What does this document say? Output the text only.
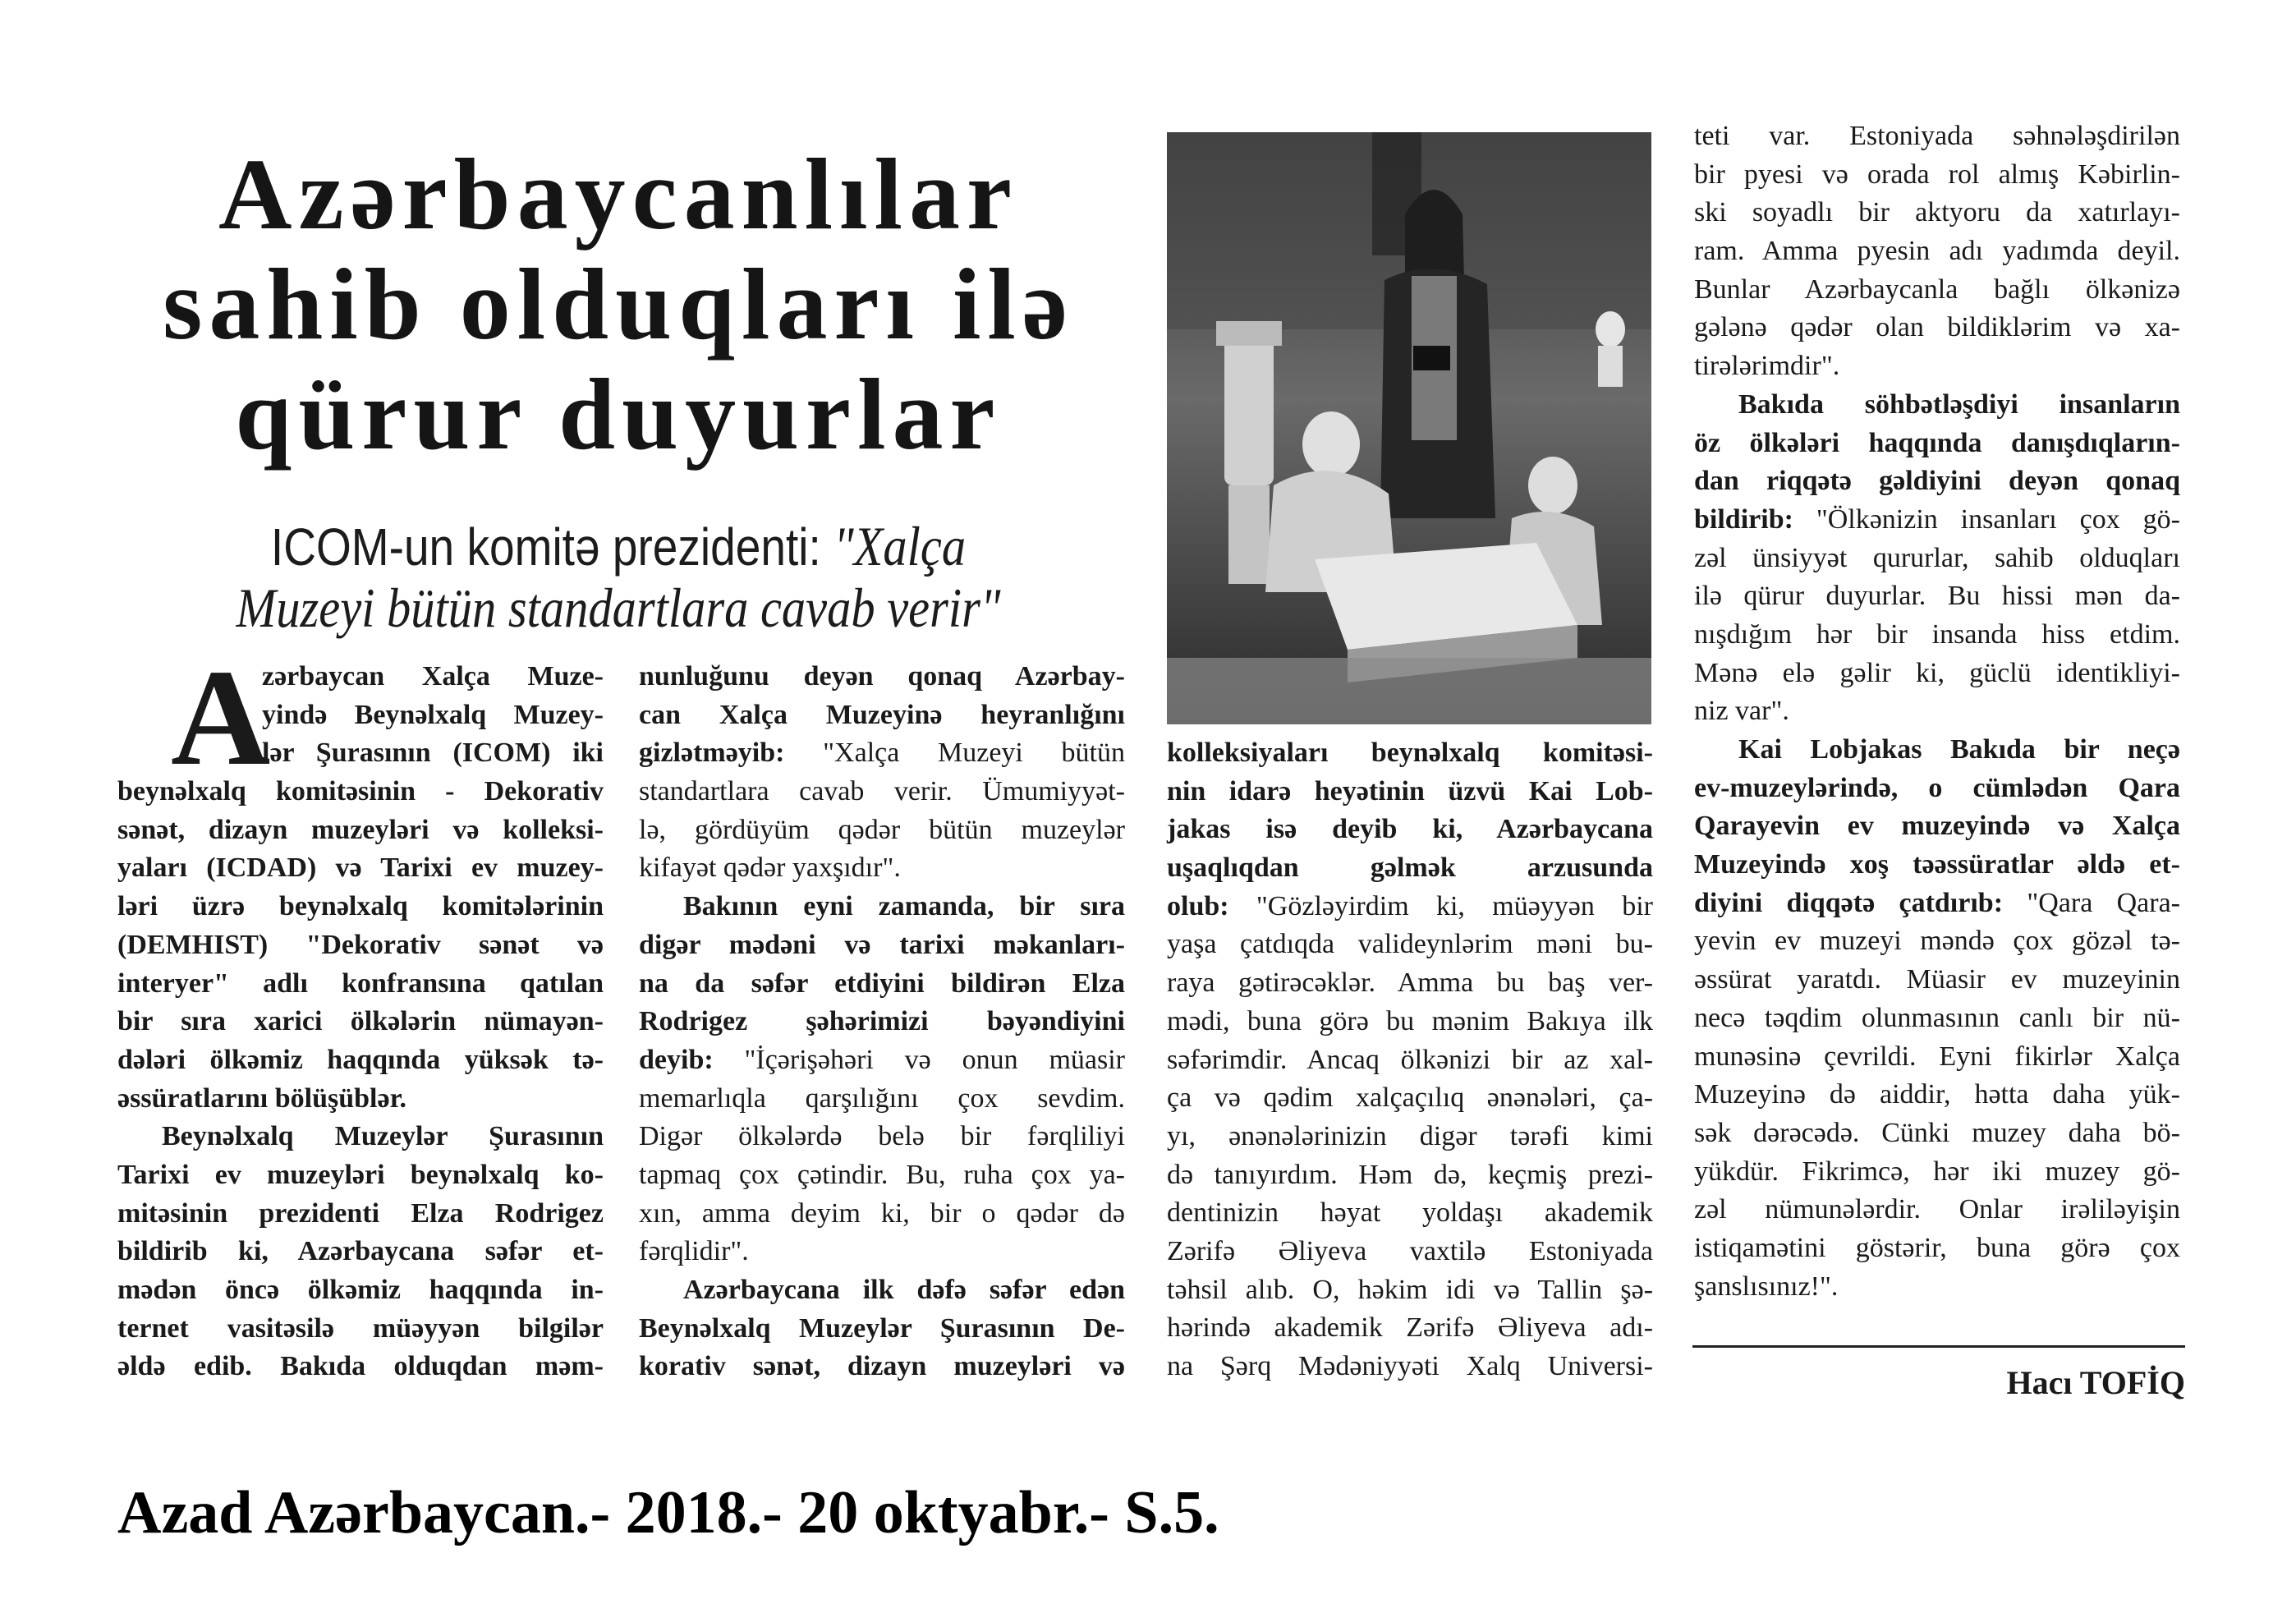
Azərbaycanlılar
sahib olduqları ilə
qürur duyurlar
ICOM-un komitə prezidenti: "Xalça
Muzeyi bütün standartlara cavab verir"
A
zərbaycan Xalça Muze-
yində Beynəlxalq Muzey-
lər Şurasının (ICOM) iki
beynəlxalq komitəsinin - Dekorativ
sənət, dizayn muzeyləri və kolleksi-
yaları (ICDAD) və Tarixi ev muzey-
ləri üzrə beynəlxalq komitələrinin
(DEMHIST) "Dekorativ sənət və
interyer" adlı konfransına qatılan
bir sıra xarici ölkələrin nümayən-
dələri ölkəmiz haqqında yüksək tə-
əssüratlarını bölüşüblər.
Beynəlxalq Muzeylər Şurasının
Tarixi ev muzeyləri beynəlxalq ko-
mitəsinin prezidenti Elza Rodrigez
bildirib ki, Azərbaycana səfər et-
mədən öncə ölkəmiz haqqında in-
ternet vasitəsilə müəyyən bilgilər
əldə edib. Bakıda olduqdan məm-
nunluğunu deyən qonaq Azərbay-
can Xalça Muzeyinə heyranlığını
gizlətməyib: "Xalça Muzeyi bütün
standartlara cavab verir. Ümumiyyət-
lə, gördüyüm qədər bütün muzeylər
kifayət qədər yaxşıdır".
Bakının eyni zamanda, bir sıra
digər mədəni və tarixi məkanları-
na da səfər etdiyini bildirən Elza
Rodrigez şəhərimizi bəyəndiyini
deyib: "İçərişəhəri və onun müasir
memarlıqla qarşılığını çox sevdim.
Digər ölkələrdə belə bir fərqliliyi
tapmaq çox çətindir. Bu, ruha çox ya-
xın, amma deyim ki, bir o qədər də
fərqlidir".
Azərbaycana ilk dəfə səfər edən
Beynəlxalq Muzeylər Şurasının De-
korativ sənət, dizayn muzeyləri və
kolleksiyaları beynəlxalq komitəsi-
nin idarə heyətinin üzvü Kai Lob-
jakas isə deyib ki, Azərbaycana
uşaqlıqdan gəlmək arzusunda
olub: "Gözləyirdim ki, müəyyən bir
yaşa çatdıqda valideynlərim məni bu-
raya gətirəcəklər. Amma bu baş ver-
mədi, buna görə bu mənim Bakıya ilk
səfərimdir. Ancaq ölkənizi bir az xal-
ça və qədim xalçaçılıq ənənələri, ça-
yı, ənənələrinizin digər tərəfi kimi
də tanıyırdım. Həm də, keçmiş prezi-
dentinizin həyat yoldaşı akademik
Zərifə Əliyeva vaxtilə Estoniyada
təhsil alıb. O, həkim idi və Tallin şə-
hərində akademik Zərifə Əliyeva adı-
na Şərq Mədəniyyəti Xalq Universi-
teti var. Estoniyada səhnələşdirilən
bir pyesi və orada rol almış Kəbirlin-
ski soyadlı bir aktyoru da xatırlayı-
ram. Amma pyesin adı yadımda deyil.
Bunlar Azərbaycanla bağlı ölkənizə
gələnə qədər olan bildiklərim və xa-
tirələrimdir".
Bakıda söhbətləşdiyi insanların
öz ölkələri haqqında danışdıqların-
dan riqqətə gəldiyini deyən qonaq
bildirib: "Ölkənizin insanları çox gö-
zəl ünsiyyət qururlar, sahib olduqları
ilə qürur duyurlar. Bu hissi mən da-
nışdığım hər bir insanda hiss etdim.
Mənə elə gəlir ki, güclü identikliyi-
niz var".
Kai Lobjakas Bakıda bir neçə
ev-muzeylərində, o cümlədən Qara
Qarayevin ev muzeyində və Xalça
Muzeyində xoş təəssüratlar əldə et-
diyini diqqətə çatdırıb: "Qara Qara-
yevin ev muzeyi məndə çox gözəl tə-
əssürat yaratdı. Müasir ev muzeyinin
necə təqdim olunmasının canlı bir nü-
munəsinə çevrildi. Eyni fikirlər Xalça
Muzeyinə də aiddir, hətta daha yük-
sək dərəcədə. Cünki muzey daha bö-
yükdür. Fikrimcə, hər iki muzey gö-
zəl nümunələrdir. Onlar irəliləyişin
istiqamətini göstərir, buna görə çox
şanslısınız!".
Hacı TOFİQ
Azad Azərbaycan.- 2018.- 20 oktyabr.- S.5.
